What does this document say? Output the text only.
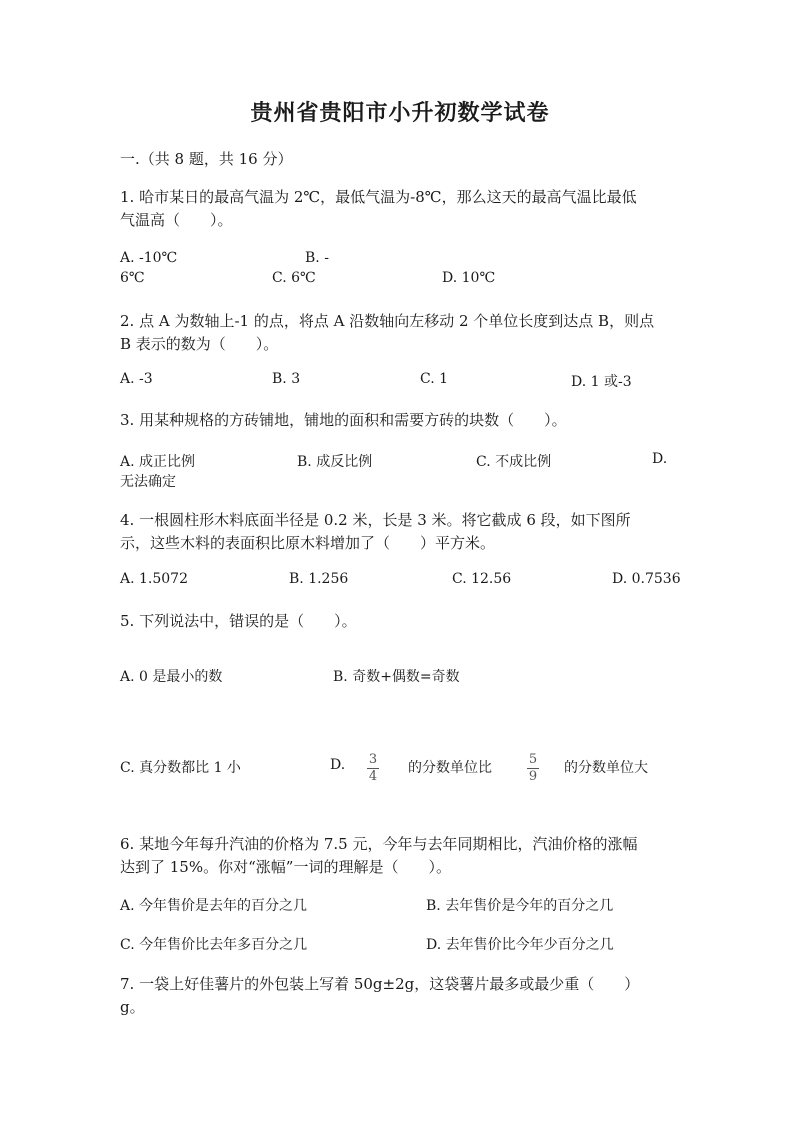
贵州省贵阳市小升初数学试卷
一.（共 8 题，共 16 分）
1. 哈市某日的最高气温为 2℃，最低气温为-8℃，那么这天的最高气温比最低
气温高（　　）。
A. -10℃	B. -
6℃	C. 6℃	D. 10℃
2. 点 A 为数轴上-1 的点，将点 A 沿数轴向左移动 2 个单位长度到达点 B，则点
B 表示的数为（　　）。
A. -3	B. 3	C. 1	D. 1 或-3
3. 用某种规格的方砖铺地，铺地的面积和需要方砖的块数（　　）。
A. 成正比例	B. 成反比例	C. 不成比例	D.
无法确定
4. 一根圆柱形木料底面半径是 0.2 米，长是 3 米。将它截成 6 段，如下图所
示，这些木料的表面积比原木料增加了（　　）平方米。
A. 1.5072	B. 1.256	C. 12.56	D. 0.7536
5. 下列说法中，错误的是（　　）。
A. 0 是最小的数	B. 奇数+偶数=奇数
C. 真分数都比 1 小	D. $\frac{3}{4}$ 的分数单位比	$\frac{5}{9}$ 的分数单位大
6. 某地今年每升汽油的价格为 7.5 元，今年与去年同期相比，汽油价格的涨幅
达到了 15%。你对“涨幅”一词的理解是（　　）。
A. 今年售价是去年的百分之几	B. 去年售价是今年的百分之几
C. 今年售价比去年多百分之几	D. 去年售价比今年少百分之几
7. 一袋上好佳薯片的外包装上写着 50g±2g，这袋薯片最多或最少重（　　）
g。
